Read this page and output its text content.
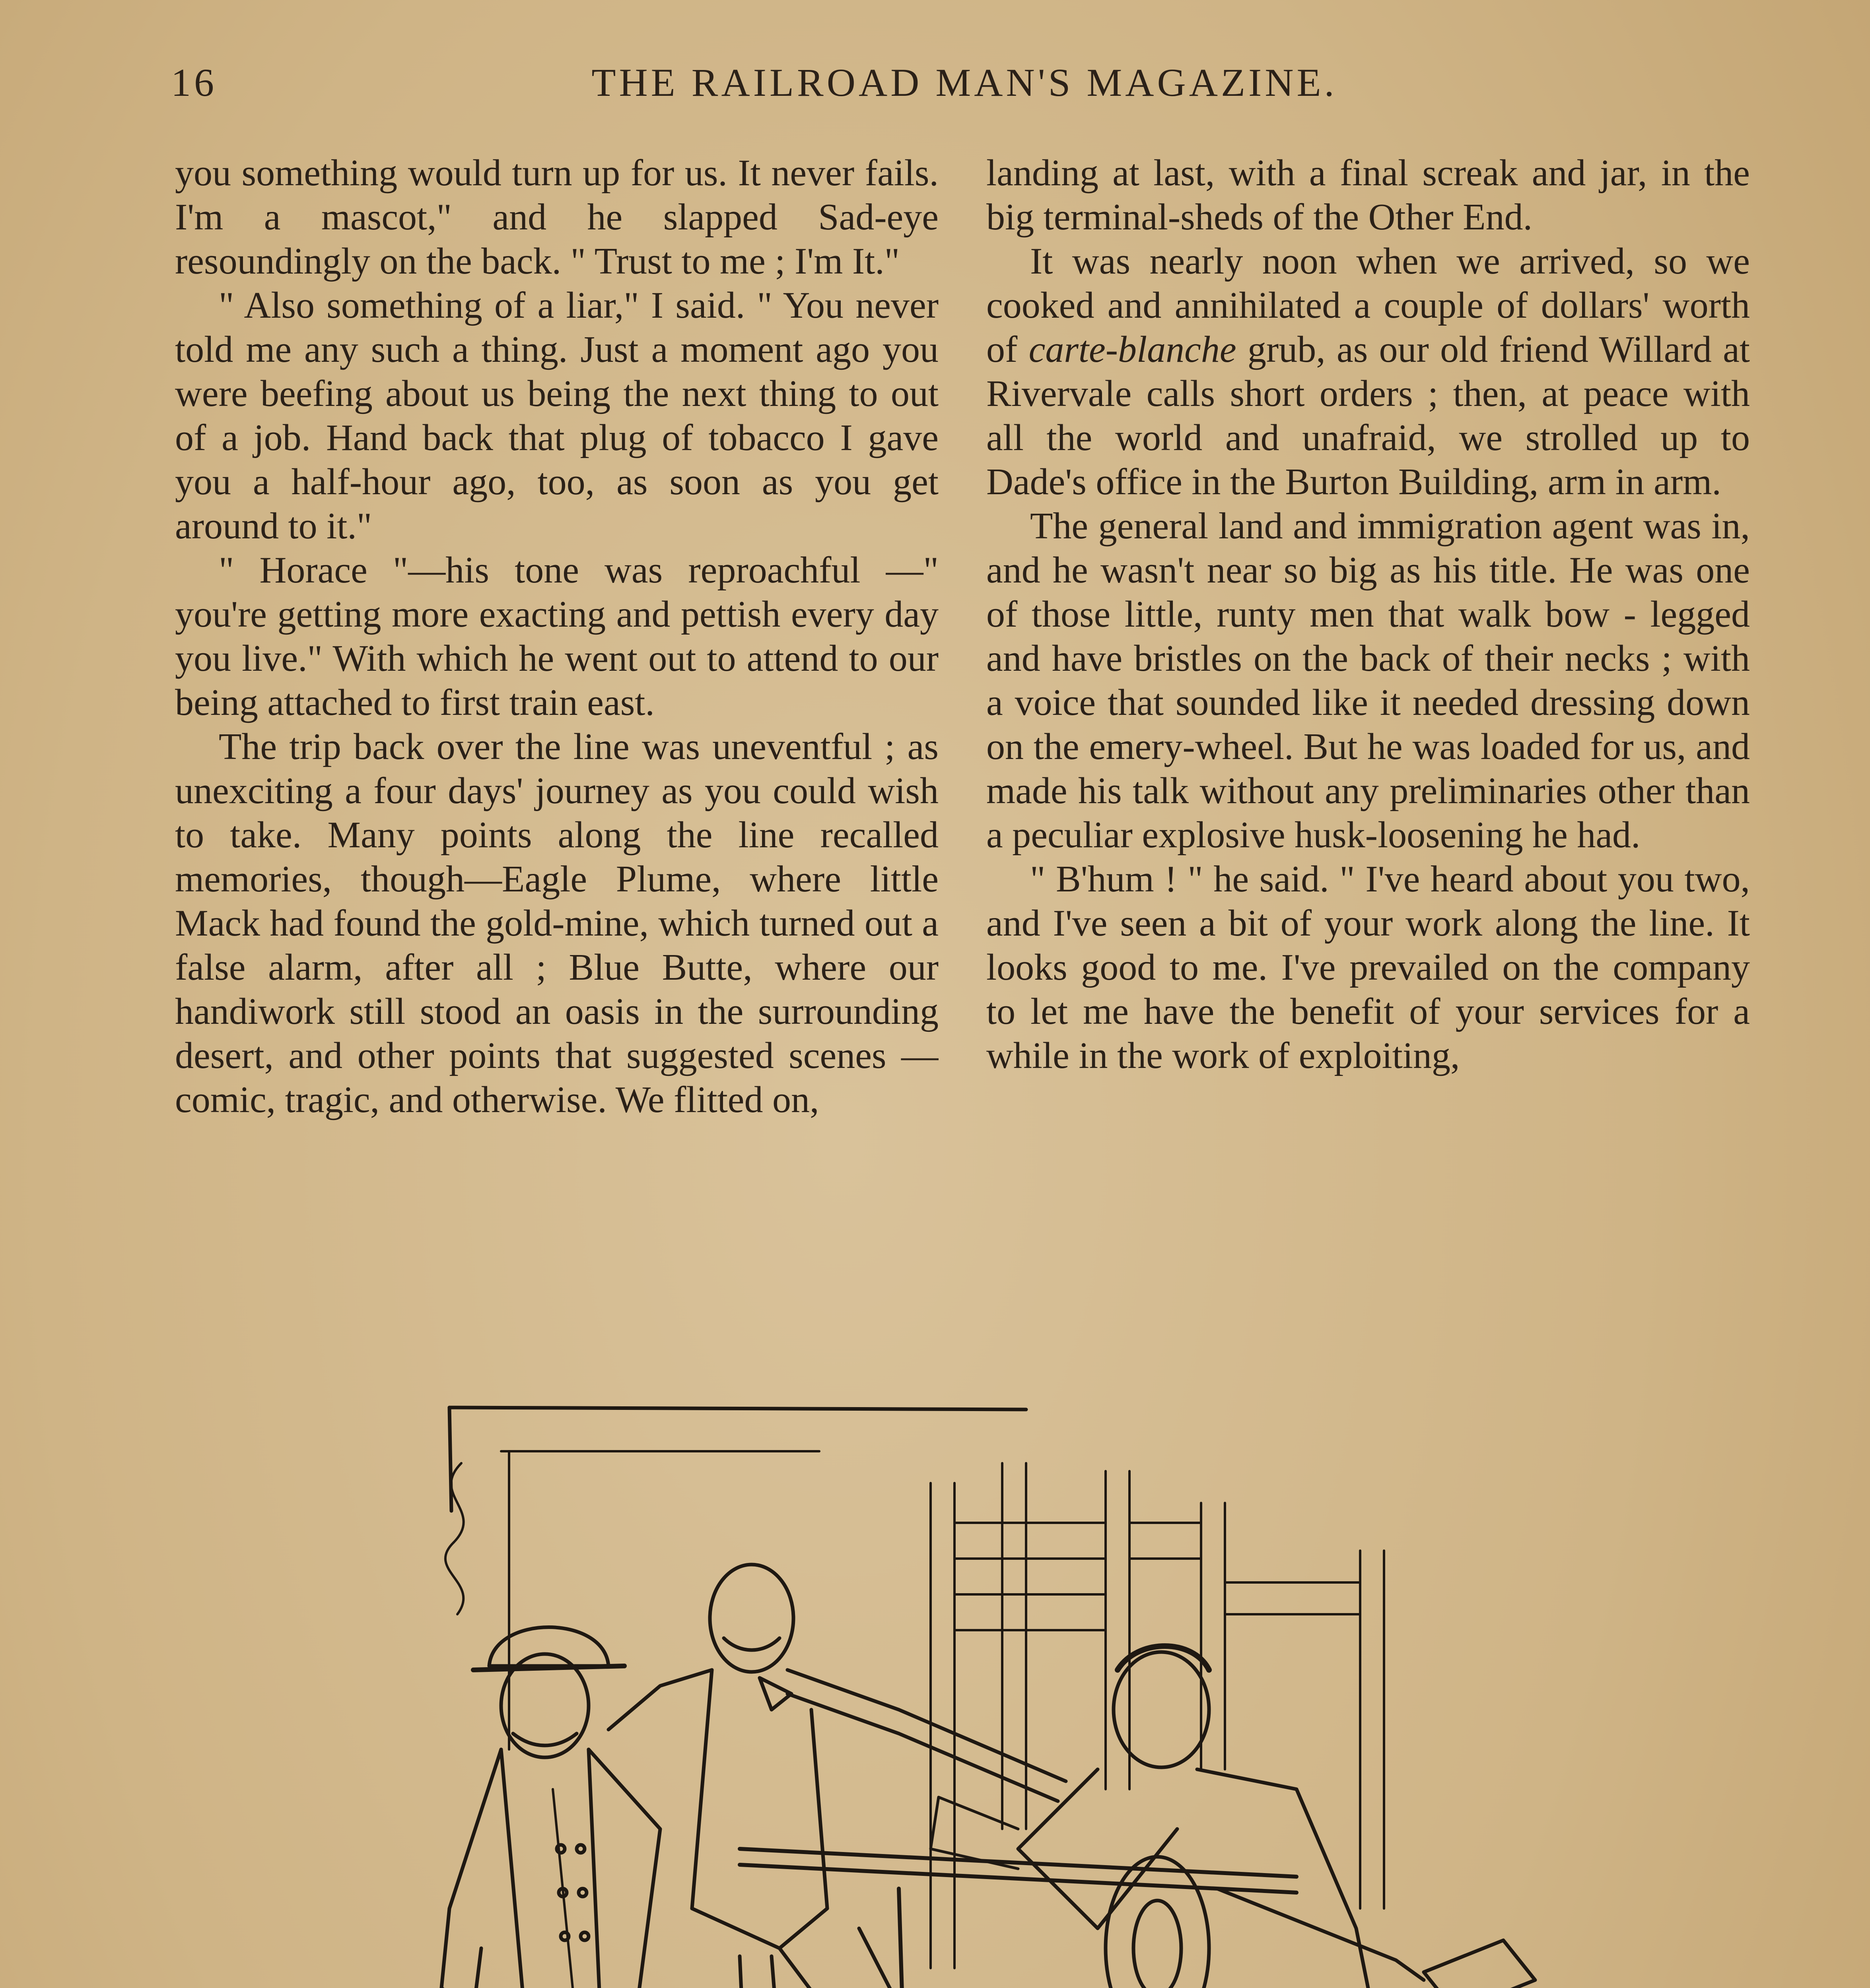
16	THE RAILROAD MAN'S MAGAZINE.

you something would turn up for us. It never fails. I'm a mascot," and he slapped Sad-eye resoundingly on the back. " Trust to me ; I'm It."

" Also something of a liar," I said. " You never told me any such a thing. Just a moment ago you were beefing about us being the next thing to out of a job. Hand back that plug of tobacco I gave you a half-hour ago, too, as soon as you get around to it."

" Horace "—his tone was reproachful —" you're getting more exacting and pettish every day you live." With which he went out to attend to our being attached to first train east.

The trip back over the line was uneventful ; as unexciting a four days' journey as you could wish to take. Many points along the line recalled memories, though—Eagle Plume, where little Mack had found the gold-mine, which turned out a false alarm, after all ; Blue Butte, where our handiwork still stood an oasis in the surrounding desert, and other points that suggested scenes — comic, tragic, and otherwise. We flitted on,

landing at last, with a final screak and jar, in the big terminal-sheds of the Other End.

It was nearly noon when we arrived, so we cooked and annihilated a couple of dollars' worth of carte-blanche grub, as our old friend Willard at Rivervale calls short orders ; then, at peace with all the world and unafraid, we strolled up to Dade's office in the Burton Building, arm in arm.

The general land and immigration agent was in, and he wasn't near so big as his title. He was one of those little, runty men that walk bow - legged and have bristles on the back of their necks ; with a voice that sounded like it needed dressing down on the emery-wheel. But he was loaded for us, and made his talk without any preliminaries other than a peculiar explosive husk-loosening he had.

" B'hum ! " he said. " I've heard about you two, and I've seen a bit of your work along the line. It looks good to me. I've prevailed on the company to let me have the benefit of your services for a while in the work of exploiting,
